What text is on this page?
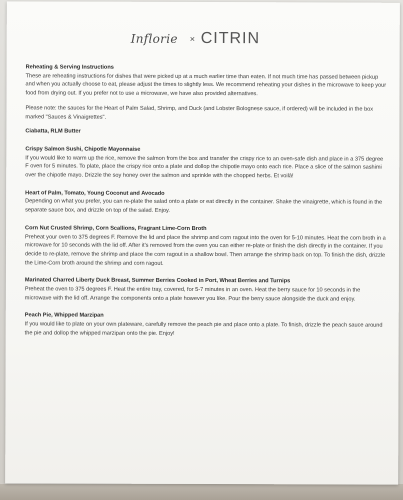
Inflorie × CITRIN

Reheating & Serving Instructions

These are reheating instructions for dishes that were picked up at a much earlier time than eaten. If not much time has passed between pickup and when you actually choose to eat, please adjust the times to slightly less. We recommend reheating your dishes in the microwave to keep your food from drying out. If you prefer not to use a microwave, we have also provided alternatives.

Please note: the sauces for the Heart of Palm Salad, Shrimp, and Duck (and Lobster Bolognese sauce, if ordered) will be included in the box marked "Sauces & Vinaigrettes".

Ciabatta, RLM Butter

Crispy Salmon Sushi, Chipotle Mayonnaise

If you would like to warm up the rice, remove the salmon from the box and transfer the crispy rice to an oven-safe dish and place in a 375 degree F oven for 5 minutes. To plate, place the crispy rice onto a plate and dollop the chipotle mayo onto each rice. Place a slice of the salmon sashimi over the chipotle mayo. Drizzle the soy honey over the salmon and sprinkle with the chopped herbs. Et voilà!

Heart of Palm, Tomato, Young Coconut and Avocado

Depending on what you prefer, you can re-plate the salad onto a plate or eat directly in the container. Shake the vinaigrette, which is found in the separate sauce box, and drizzle on top of the salad. Enjoy.

Corn Nut Crusted Shrimp, Corn Scallions, Fragrant Lime-Corn Broth

Preheat your oven to 375 degrees F. Remove the lid and place the shrimp and corn ragout into the oven for 5-10 minutes. Heat the corn broth in a microwave for 10 seconds with the lid off. After it's removed from the oven you can either re-plate or finish the dish directly in the container. If you decide to re-plate, remove the shrimp and place the corn ragout in a shallow bowl. Then arrange the shrimp back on top. To finish the dish, drizzle the Lime-Corn broth around the shrimp and corn ragout.

Marinated Charred Liberty Duck Breast, Summer Berries Cooked in Port, Wheat Berries and Turnips

Preheat the oven to 375 degrees F. Heat the entire tray, covered, for 5-7 minutes in an oven. Heat the berry sauce for 10 seconds in the microwave with the lid off. Arrange the components onto a plate however you like. Pour the berry sauce alongside the duck and enjoy.

Peach Pie, Whipped Marzipan

If you would like to plate on your own plateware, carefully remove the peach pie and place onto a plate. To finish, drizzle the peach sauce around the pie and dollop the whipped marzipan onto the pie. Enjoy!
